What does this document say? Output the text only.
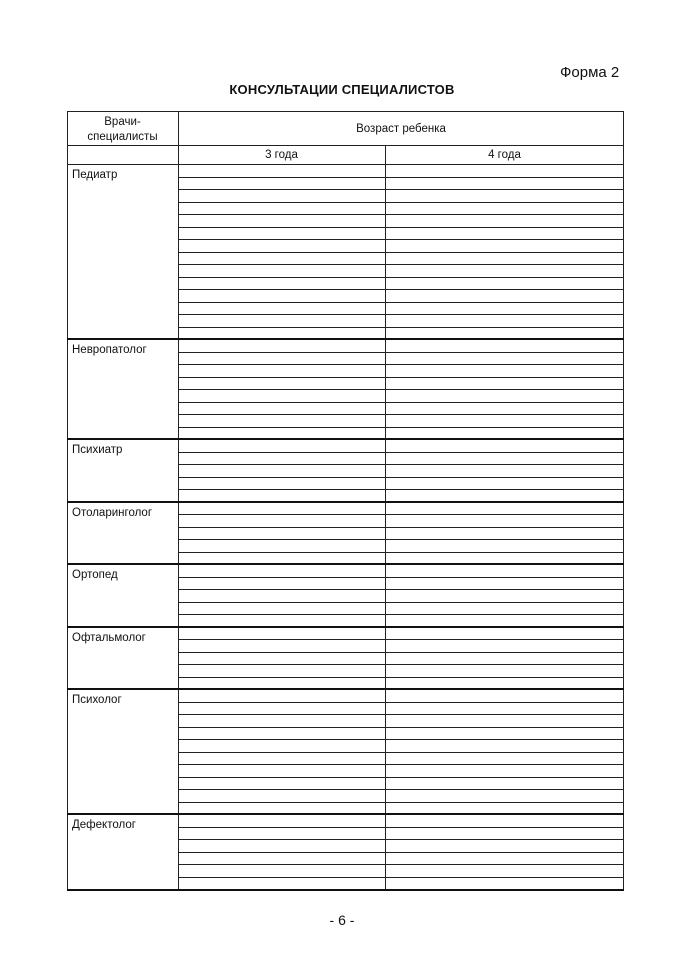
Форма 2
КОНСУЛЬТАЦИИ СПЕЦИАЛИСТОВ
Врачи-
специалисты
Возраст ребенка
3 года	4 года
Педиатр
Невропатолог
Психиатр
Отоларинголог
Ортопед
Офтальмолог
Психолог
Дефектолог
- 6 -
